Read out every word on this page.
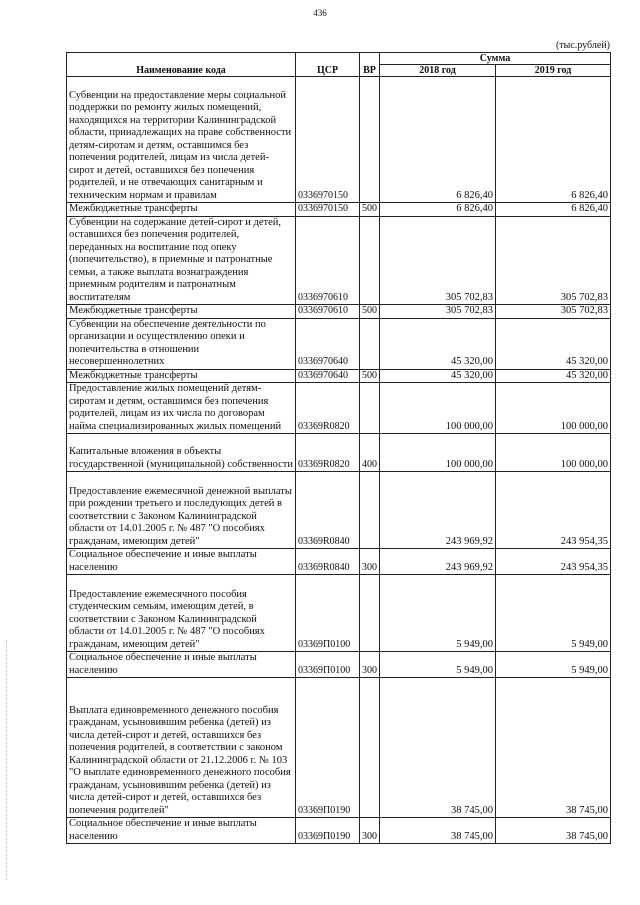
436
(тыс.рублей)
Наименование кода	ЦСР	ВР	Сумма	
			2018 год	2019 год
Субвенции на предоставление меры социальной поддержки по ремонту жилых помещений, находящихся на территории Калининградской области, принадлежащих на праве собственности детям-сиротам и детям, оставшимся без попечения родителей, лицам из числа детей-сирот и детей, оставшихся без попечения родителей, и не отвечающих санитарным и техническим нормам и правилам	0336970150		6 826,40	6 826,40
Межбюджетные трансферты	0336970150	500	6 826,40	6 826,40
Субвенции на содержание детей-сирот и детей, оставшихся без попечения родителей, переданных на воспитание под опеку (попечительство), в приемные и патронатные семьи, а также выплата вознаграждения приемным родителям и патронатным воспитателям	0336970610		305 702,83	305 702,83
Межбюджетные трансферты	0336970610	500	305 702,83	305 702,83
Субвенции на обеспечение деятельности по организации и осуществлению опеки и попечительства в отношении несовершеннолетних	0336970640		45 320,00	45 320,00
Межбюджетные трансферты	0336970640	500	45 320,00	45 320,00
Предоставление жилых помещений детям-сиротам и детям, оставшимся без попечения родителей, лицам из их числа по договорам найма специализированных жилых помещений	03369R0820		100 000,00	100 000,00
Капитальные вложения в объекты государственной (муниципальной) собственности	03369R0820	400	100 000,00	100 000,00
Предоставление ежемесячной денежной выплаты при рождении третьего и последующих детей в соответствии с Законом Калининградской области от 14.01.2005 г. № 487 "О пособиях гражданам, имеющим детей"	03369R0840		243 969,92	243 954,35
Социальное обеспечение и иные выплаты населению	03369R0840	300	243 969,92	243 954,35
Предоставление ежемесячного пособия студенческим семьям, имеющим детей, в соответствии с Законом Калининградской области от 14.01.2005 г. № 487 "О пособиях гражданам, имеющим детей"	03369П0100		5 949,00	5 949,00
Социальное обеспечение и иные выплаты населению	03369П0100	300	5 949,00	5 949,00
Выплата единовременного денежного пособия гражданам, усыновившим ребенка (детей) из числа детей-сирот и детей, оставшихся без попечения родителей, в соответствии с законом Калининградской области от 21.12.2006 г. № 103 "О выплате единовременного денежного пособия гражданам, усыновившим ребенка (детей) из числа детей-сирот и детей, оставшихся без попечения родителей"	03369П0190		38 745,00	38 745,00
Социальное обеспечение и иные выплаты населению	03369П0190	300	38 745,00	38 745,00
